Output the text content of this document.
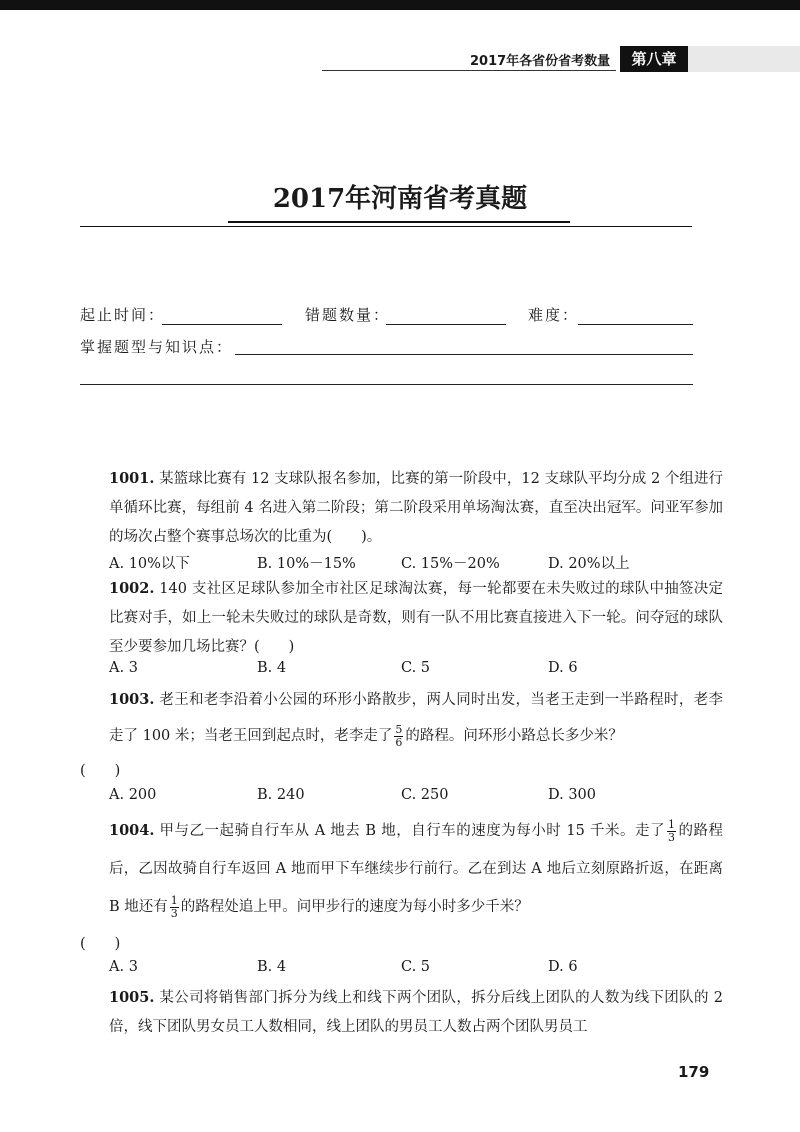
2017年各省份省考数量	第八章
2017年河南省考真题
起止时间：	错题数量：	难度：
掌握题型与知识点：
1001. 某篮球比赛有 12 支球队报名参加，比赛的第一阶段中，12 支球队平均分成 2 个组进行单循环比赛，每组前 4 名进入第二阶段；第二阶段采用单场淘汰赛，直至决出冠军。问亚军参加的场次占整个赛事总场次的比重为(　　)。
A. 10%以下	B. 10%－15%	C. 15%－20%	D. 20%以上
1002. 140 支社区足球队参加全市社区足球淘汰赛，每一轮都要在未失败过的球队中抽签决定比赛对手，如上一轮未失败过的球队是奇数，则有一队不用比赛直接进入下一轮。问夺冠的球队至少要参加几场比赛？(　　)
A. 3	B. 4	C. 5	D. 6
1003. 老王和老李沿着小公园的环形小路散步，两人同时出发，当老王走到一半路程时，老李走了 100 米；当老王回到起点时，老李走了 $\frac{5}{6}$ 的路程。问环形小路总长多少米？
(　　)
A. 200	B. 240	C. 250	D. 300
1004. 甲与乙一起骑自行车从 A 地去 B 地，自行车的速度为每小时 15 千米。走了 $\frac{1}{3}$ 的路程后，乙因故骑自行车返回 A 地而甲下车继续步行前行。乙在到达 A 地后立刻原路折返，在距离 B 地还有 $\frac{1}{3}$ 的路程处追上甲。问甲步行的速度为每小时多少千米？
(　　)
A. 3	B. 4	C. 5	D. 6
1005. 某公司将销售部门拆分为线上和线下两个团队，拆分后线上团队的人数为线下团队的 2 倍，线下团队男女员工人数相同，线上团队的男员工人数占两个团队男员工
179
